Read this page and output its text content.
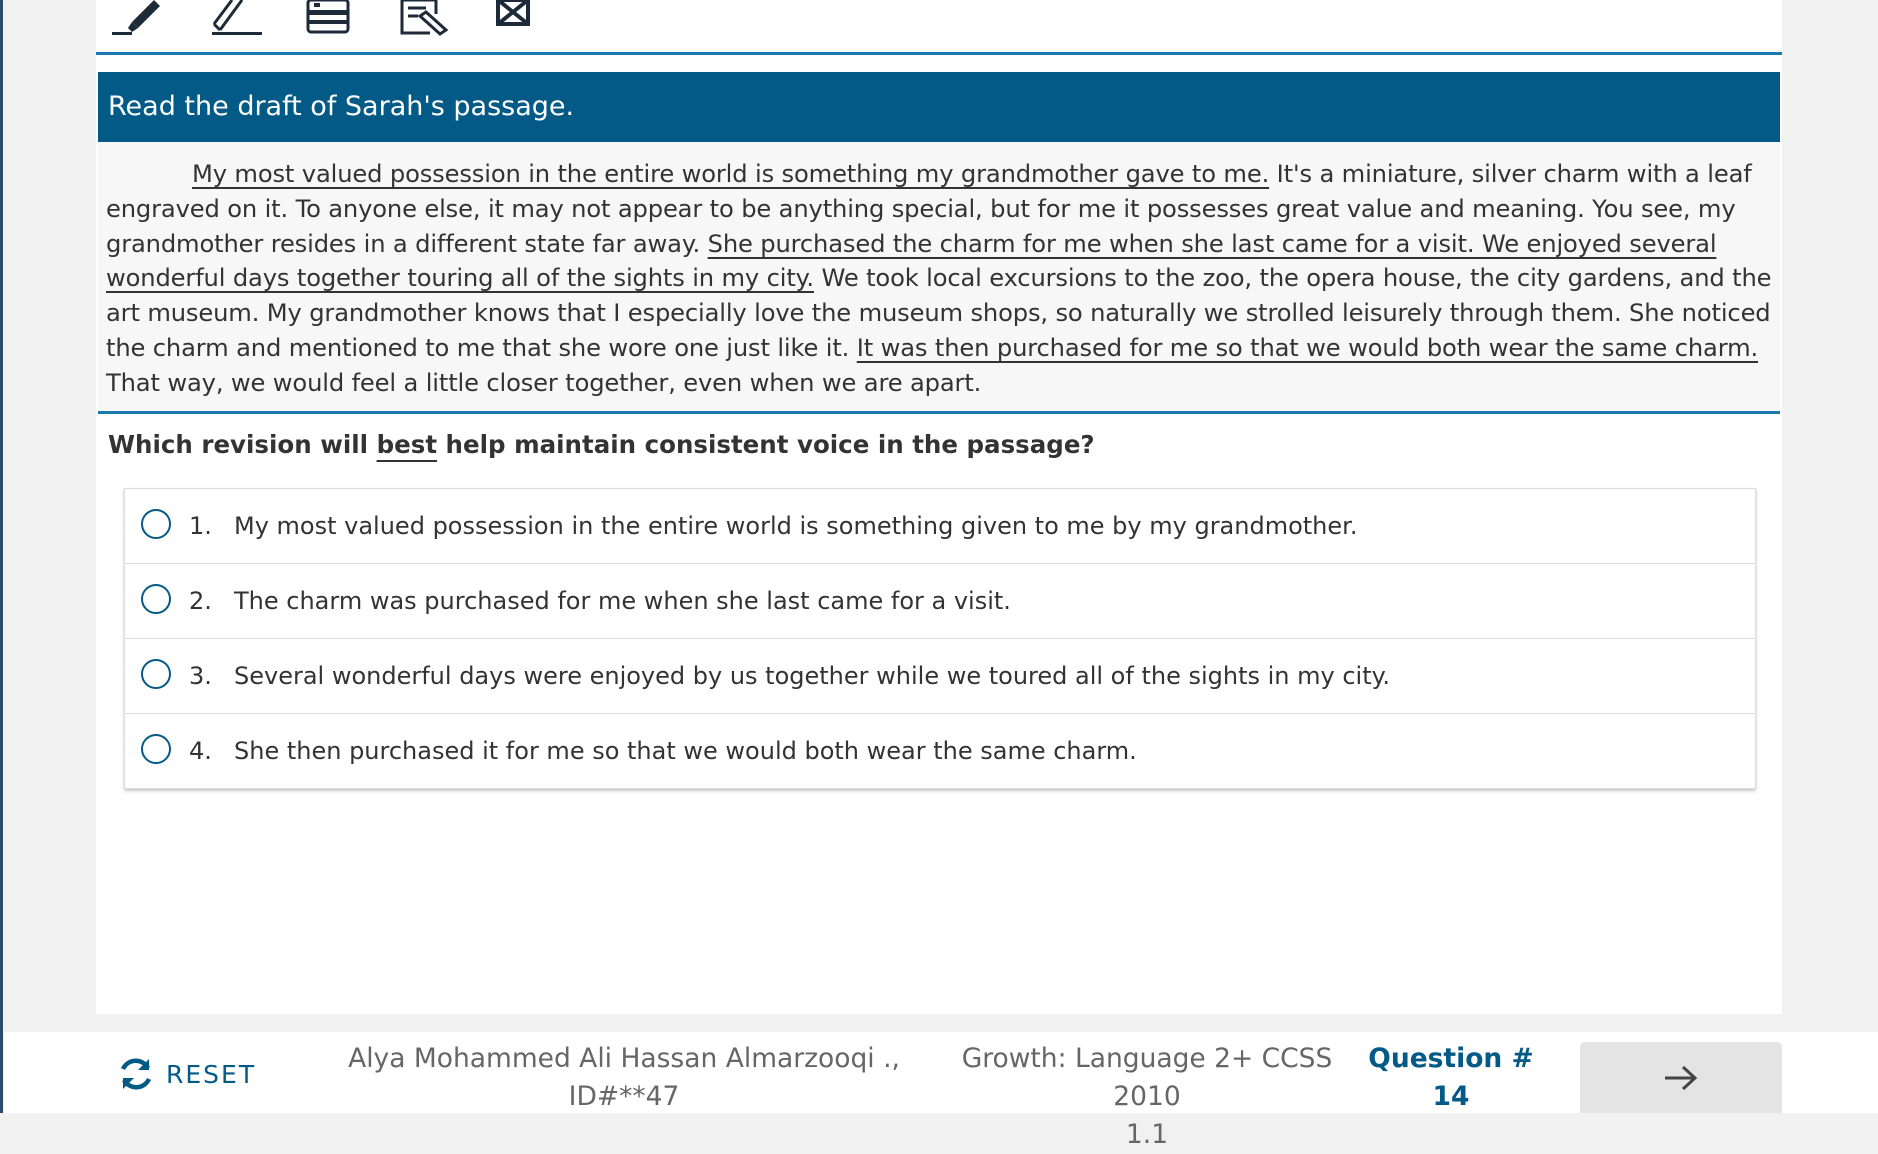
Read the draft of Sarah's passage.

My most valued possession in the entire world is something my grandmother gave to me. It's a miniature, silver charm with a leaf engraved on it. To anyone else, it may not appear to be anything special, but for me it possesses great value and meaning. You see, my grandmother resides in a different state far away. She purchased the charm for me when she last came for a visit. We enjoyed several wonderful days together touring all of the sights in my city. We took local excursions to the zoo, the opera house, the city gardens, and the art museum. My grandmother knows that I especially love the museum shops, so naturally we strolled leisurely through them. She noticed the charm and mentioned to me that she wore one just like it. It was then purchased for me so that we would both wear the same charm. That way, we would feel a little closer together, even when we are apart.

Which revision will best help maintain consistent voice in the passage?
1. My most valued possession in the entire world is something given to me by my grandmother.
2. The charm was purchased for me when she last came for a visit.
3. Several wonderful days were enjoyed by us together while we toured all of the sights in my city.
4. She then purchased it for me so that we would both wear the same charm.
RESET	Alya Mohammed Ali Hassan Almarzooqi .,
ID#**47
Growth: Language 2+ CCSS 2010
1.1
Question #
14
